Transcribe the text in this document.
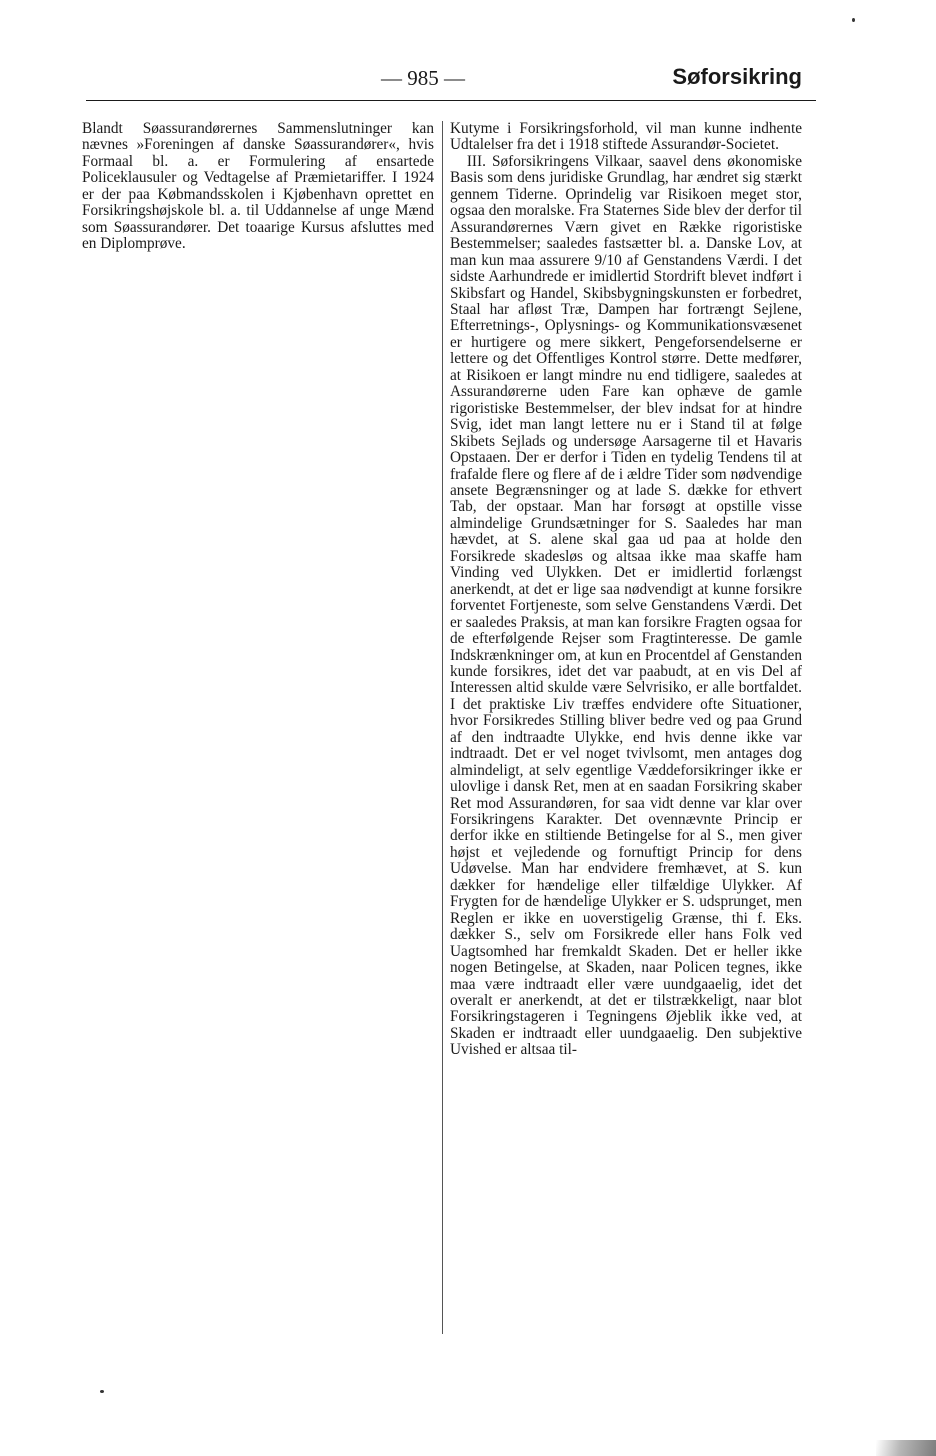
— 985 —	Søforsikring

Blandt Søassurandørernes Sammenslutninger kan nævnes »Foreningen af danske Søassurandører«, hvis Formaal bl. a. er Formulering af ensartede Policeklausuler og Vedtagelse af Præmietariffer. I 1924 er der paa Købmandsskolen i Kjøbenhavn oprettet en Forsikringshøjskole bl. a. til Uddannelse af unge Mænd som Søassurandører. Det toaarige Kursus afsluttes med en Diplomprøve.

Kutyme i Forsikringsforhold, vil man kunne indhente Udtalelser fra det i 1918 stiftede Assurandør-Societet.

III. Søforsikringens Vilkaar, saavel dens økonomiske Basis som dens juridiske Grundlag, har ændret sig stærkt gennem Tiderne. Oprindelig var Risikoen meget stor, ogsaa den moralske. Fra Staternes Side blev der derfor til Assurandørernes Værn givet en Række rigoristiske Bestemmelser; saaledes fastsætter bl. a. Danske Lov, at man kun maa assurere 9/10 af Genstandens Værdi. I det sidste Aarhundrede er imidlertid Stordrift blevet indført i Skibsfart og Handel, Skibsbygningskunsten er forbedret, Staal har afløst Træ, Dampen har fortrængt Sejlene, Efterretnings-, Oplysnings- og Kommunikationsvæsenet er hurtigere og mere sikkert, Pengeforsendelserne er lettere og det Offentliges Kontrol større. Dette medfører, at Risikoen er langt mindre nu end tidligere, saaledes at Assurandørerne uden Fare kan ophæve de gamle rigoristiske Bestemmelser, der blev indsat for at hindre Svig, idet man langt lettere nu er i Stand til at følge Skibets Sejlads og undersøge Aarsagerne til et Havaris Opstaaen. Der er derfor i Tiden en tydelig Tendens til at frafalde flere og flere af de i ældre Tider som nødvendige ansete Begrænsninger og at lade S. dække for ethvert Tab, der opstaar. Man har forsøgt at opstille visse almindelige Grundsætninger for S. Saaledes har man hævdet, at S. alene skal gaa ud paa at holde den Forsikrede skadesløs og altsaa ikke maa skaffe ham Vinding ved Ulykken. Det er imidlertid forlængst anerkendt, at det er lige saa nødvendigt at kunne forsikre forventet Fortjeneste, som selve Genstandens Værdi. Det er saaledes Praksis, at man kan forsikre Fragten ogsaa for de efterfølgende Rejser som Fragtinteresse. De gamle Indskrænkninger om, at kun en Procentdel af Genstanden kunde forsikres, idet det var paabudt, at en vis Del af Interessen altid skulde være Selvrisiko, er alle bortfaldet. I det praktiske Liv træffes endvidere ofte Situationer, hvor Forsikredes Stilling bliver bedre ved og paa Grund af den indtraadte Ulykke, end hvis denne ikke var indtraadt. Det er vel noget tvivlsomt, men antages dog almindeligt, at selv egentlige Væddeforsikringer ikke er ulovlige i dansk Ret, men at en saadan Forsikring skaber Ret mod Assurandøren, for saa vidt denne var klar over Forsikringens Karakter. Det ovennævnte Princip er derfor ikke en stiltiende Betingelse for al S., men giver højst et vejledende og fornuftigt Princip for dens Udøvelse. Man har endvidere fremhævet, at S. kun dækker for hændelige eller tilfældige Ulykker. Af Frygten for de hændelige Ulykker er S. udsprunget, men Reglen er ikke en uoverstigelig Grænse, thi f. Eks. dækker S., selv om Forsikrede eller hans Folk ved Uagtsomhed har fremkaldt Skaden. Det er heller ikke nogen Betingelse, at Skaden, naar Policen tegnes, ikke maa være indtraadt eller være uundgaaelig, idet det overalt er anerkendt, at det er tilstrækkeligt, naar blot Forsikringstageren i Tegningens Øjeblik ikke ved, at Skaden er indtraadt eller uundgaaelig. Den subjektive Uvished er altsaa til-
